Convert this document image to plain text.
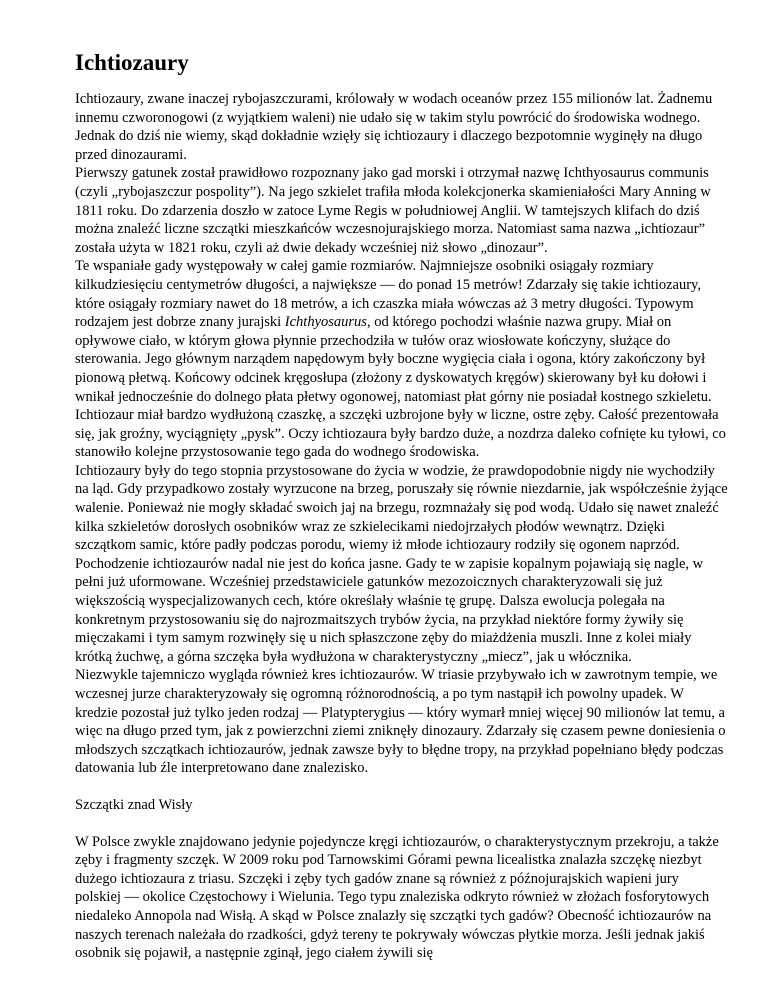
Ichtiozaury

Ichtiozaury, zwane inaczej rybojaszczurami, królowały w wodach oceanów przez 155 milionów lat. Żadnemu innemu czworonogowi (z wyjątkiem waleni) nie udało się w takim stylu powrócić do środowiska wodnego. Jednak do dziś nie wiemy, skąd dokładnie wzięły się ichtiozaury i dlaczego bezpotomnie wyginęły na długo przed dinozaurami.

Pierwszy gatunek został prawidłowo rozpoznany jako gad morski i otrzymał nazwę Ichthyosaurus communis (czyli „rybojaszczur pospolity”). Na jego szkielet trafiła młoda kolekcjonerka skamieniałości Mary Anning w 1811 roku. Do zdarzenia doszło w zatoce Lyme Regis w południowej Anglii. W tamtejszych klifach do dziś można znaleźć liczne szczątki mieszkańców wczesnojurajskiego morza. Natomiast sama nazwa „ichtiozaur” została użyta w 1821 roku, czyli aż dwie dekady wcześniej niż słowo „dinozaur”.

Te wspaniałe gady występowały w całej gamie rozmiarów. Najmniejsze osobniki osiągały rozmiary kilkudziesięciu centymetrów długości, a największe — do ponad 15 metrów! Zdarzały się takie ichtiozaury, które osiągały rozmiary nawet do 18 metrów, a ich czaszka miała wówczas aż 3 metry długości. Typowym rodzajem jest dobrze znany jurajski Ichthyosaurus, od którego pochodzi właśnie nazwa grupy. Miał on opływowe ciało, w którym głowa płynnie przechodziła w tułów oraz wiosłowate kończyny, służące do sterowania. Jego głównym narządem napędowym były boczne wygięcia ciała i ogona, który zakończony był pionową płetwą. Końcowy odcinek kręgosłupa (złożony z dyskowatych kręgów) skierowany był ku dołowi i wnikał jednocześnie do dolnego płata płetwy ogonowej, natomiast płat górny nie posiadał kostnego szkieletu. Ichtiozaur miał bardzo wydłużoną czaszkę, a szczęki uzbrojone były w liczne, ostre zęby. Całość prezentowała się, jak groźny, wyciągnięty „pysk”. Oczy ichtiozaura były bardzo duże, a nozdrza daleko cofnięte ku tyłowi, co stanowiło kolejne przystosowanie tego gada do wodnego środowiska.

Ichtiozaury były do tego stopnia przystosowane do życia w wodzie, że prawdopodobnie nigdy nie wychodziły na ląd. Gdy przypadkowo zostały wyrzucone na brzeg, poruszały się równie niezdarnie, jak współcześnie żyjące walenie. Ponieważ nie mogły składać swoich jaj na brzegu, rozmnażały się pod wodą. Udało się nawet znaleźć kilka szkieletów dorosłych osobników wraz ze szkielecikami niedojrzałych płodów wewnątrz. Dzięki szczątkom samic, które padły podczas porodu, wiemy iż młode ichtiozaury rodziły się ogonem naprzód.

Pochodzenie ichtiozaurów nadal nie jest do końca jasne. Gady te w zapisie kopalnym pojawiają się nagle, w pełni już uformowane. Wcześniej przedstawiciele gatunków mezozoicznych charakteryzowali się już większością wyspecjalizowanych cech, które określały właśnie tę grupę. Dalsza ewolucja polegała na konkretnym przystosowaniu się do najrozmaitszych trybów życia, na przykład niektóre formy żywiły się mięczakami i tym samym rozwinęły się u nich spłaszczone zęby do miażdżenia muszli. Inne z kolei miały krótką żuchwę, a górna szczęka była wydłużona w charakterystyczny „miecz”, jak u włócznika.

Niezwykle tajemniczo wygląda również kres ichtiozaurów. W triasie przybywało ich w zawrotnym tempie, we wczesnej jurze charakteryzowały się ogromną różnorodnością, a po tym nastąpił ich powolny upadek. W kredzie pozostał już tylko jeden rodzaj — Platypterygius — który wymarł mniej więcej 90 milionów lat temu, a więc na długo przed tym, jak z powierzchni ziemi zniknęły dinozaury. Zdarzały się czasem pewne doniesienia o młodszych szczątkach ichtiozaurów, jednak zawsze były to błędne tropy, na przykład popełniano błędy podczas datowania lub źle interpretowano dane znalezisko.

Szczątki znad Wisły

W Polsce zwykle znajdowano jedynie pojedyncze kręgi ichtiozaurów, o charakterystycznym przekroju, a także zęby i fragmenty szczęk. W 2009 roku pod Tarnowskimi Górami pewna licealistka znalazła szczękę niezbyt dużego ichtiozaura z triasu. Szczęki i zęby tych gadów znane są również z późnojurajskich wapieni jury polskiej — okolice Częstochowy i Wielunia. Tego typu znaleziska odkryto również w złożach fosforytowych niedaleko Annopola nad Wisłą. A skąd w Polsce znalazły się szczątki tych gadów? Obecność ichtiozaurów na naszych terenach należała do rzadkości, gdyż tereny te pokrywały wówczas płytkie morza. Jeśli jednak jakiś osobnik się pojawił, a następnie zginął, jego ciałem żywili się
